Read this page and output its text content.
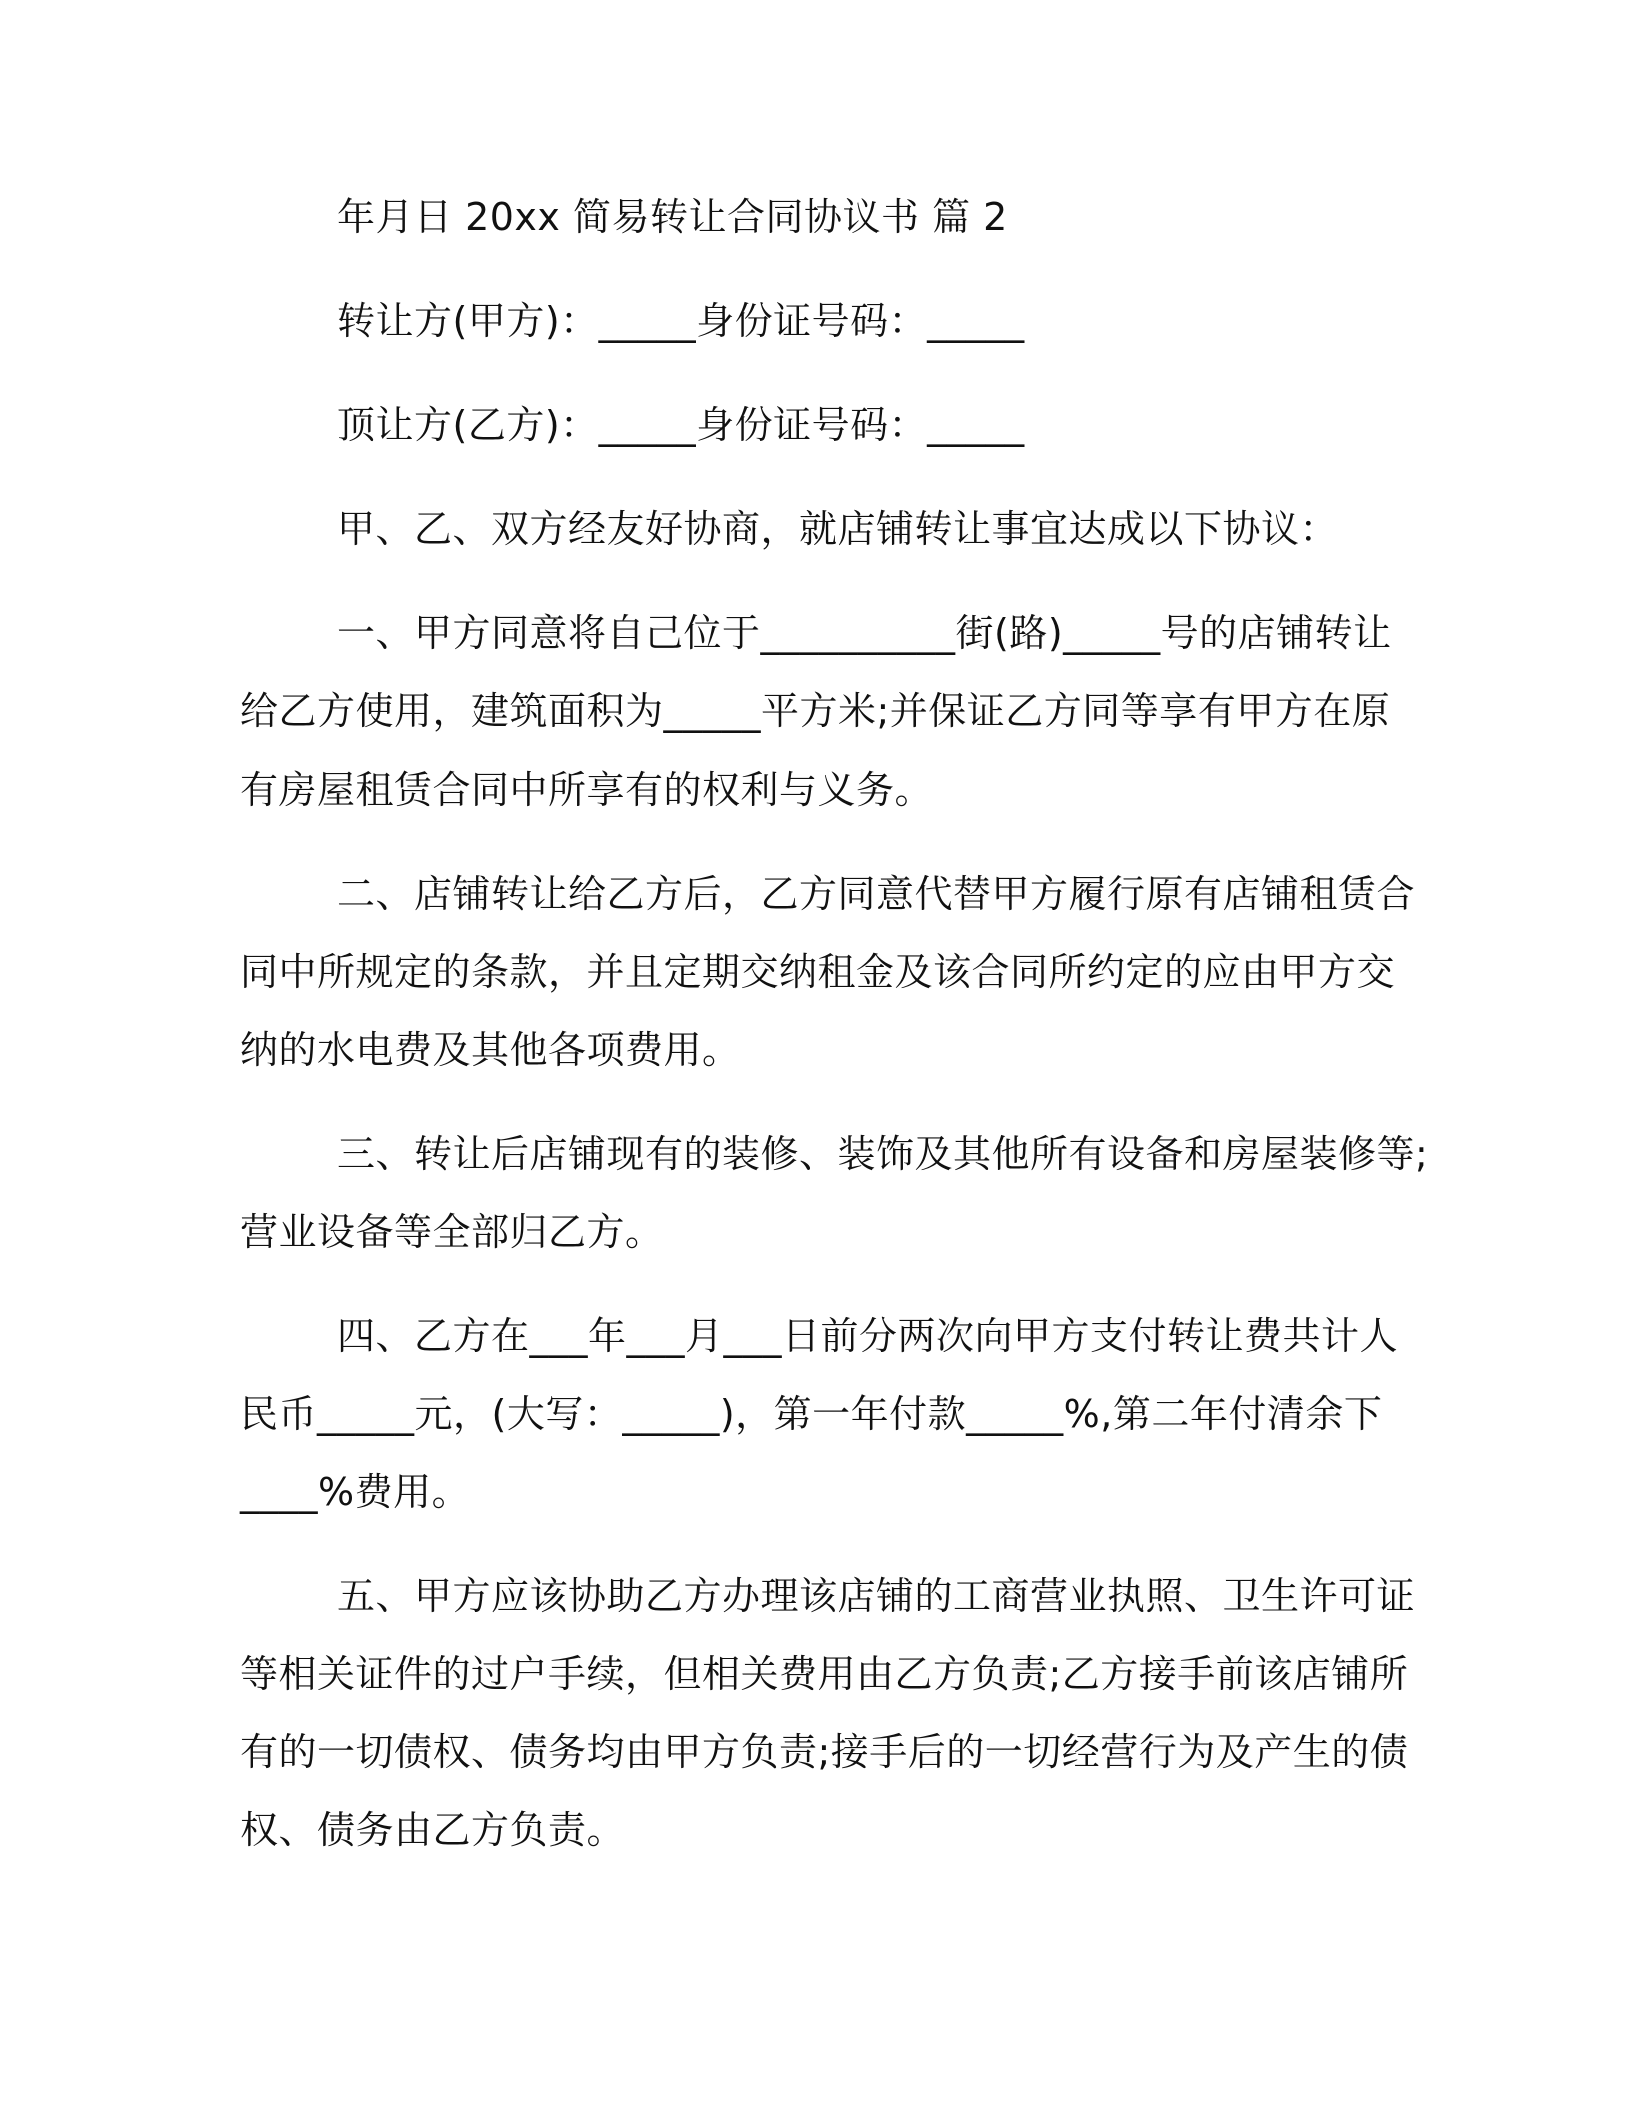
年月日 20xx 简易转让合同协议书 篇 2
转让方(甲方)：_____身份证号码：_____
顶让方(乙方)：_____身份证号码：_____
甲、乙、双方经友好协商，就店铺转让事宜达成以下协议：
一、甲方同意将自己位于__________街(路)_____号的店铺转让
给乙方使用，建筑面积为_____平方米;并保证乙方同等享有甲方在原
有房屋租赁合同中所享有的权利与义务。
二、店铺转让给乙方后，乙方同意代替甲方履行原有店铺租赁合
同中所规定的条款，并且定期交纳租金及该合同所约定的应由甲方交
纳的水电费及其他各项费用。
三、转让后店铺现有的装修、装饰及其他所有设备和房屋装修等;
营业设备等全部归乙方。
四、乙方在___年___月___日前分两次向甲方支付转让费共计人
民币_____元，(大写：_____)，第一年付款_____%,第二年付清余下
____%费用。
五、甲方应该协助乙方办理该店铺的工商营业执照、卫生许可证
等相关证件的过户手续，但相关费用由乙方负责;乙方接手前该店铺所
有的一切债权、债务均由甲方负责;接手后的一切经营行为及产生的债
权、债务由乙方负责。
